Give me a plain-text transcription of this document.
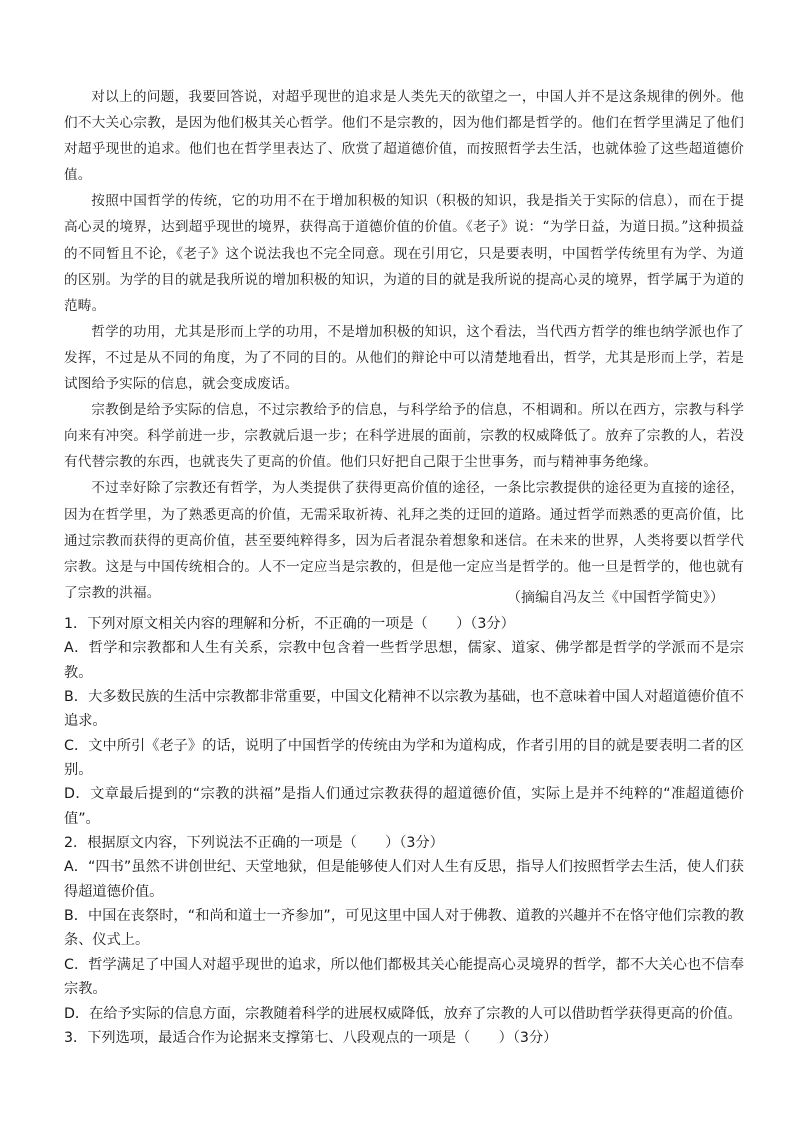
对以上的问题，我要回答说，对超乎现世的追求是人类先天的欲望之一，中国人并不是这条规律的例外。他们不大关心宗教，是因为他们极其关心哲学。他们不是宗教的，因为他们都是哲学的。他们在哲学里满足了他们对超乎现世的追求。他们也在哲学里表达了、欣赏了超道德价值，而按照哲学去生活，也就体验了这些超道德价值。

按照中国哲学的传统，它的功用不在于增加积极的知识（积极的知识，我是指关于实际的信息），而在于提高心灵的境界，达到超乎现世的境界，获得高于道德价值的价值。《老子》说：“为学日益，为道日损。”这种损益的不同暂且不论，《老子》这个说法我也不完全同意。现在引用它，只是要表明，中国哲学传统里有为学、为道的区别。为学的目的就是我所说的增加积极的知识，为道的目的就是我所说的提高心灵的境界，哲学属于为道的范畴。

哲学的功用，尤其是形而上学的功用，不是增加积极的知识，这个看法，当代西方哲学的维也纳学派也作了发挥，不过是从不同的角度，为了不同的目的。从他们的辩论中可以清楚地看出，哲学，尤其是形而上学，若是试图给予实际的信息，就会变成废话。

宗教倒是给予实际的信息，不过宗教给予的信息，与科学给予的信息，不相调和。所以在西方，宗教与科学向来有冲突。科学前进一步，宗教就后退一步；在科学进展的面前，宗教的权威降低了。放弃了宗教的人，若没有代替宗教的东西，也就丧失了更高的价值。他们只好把自己限于尘世事务，而与精神事务绝缘。

不过幸好除了宗教还有哲学，为人类提供了获得更高价值的途径，一条比宗教提供的途径更为直接的途径，因为在哲学里，为了熟悉更高的价值，无需采取祈祷、礼拜之类的迂回的道路。通过哲学而熟悉的更高价值，比通过宗教而获得的更高价值，甚至要纯粹得多，因为后者混杂着想象和迷信。在未来的世界，人类将要以哲学代宗教。这是与中国传统相合的。人不一定应当是宗教的，但是他一定应当是哲学的。他一旦是哲学的，他也就有了宗教的洪福。	（摘编自冯友兰《中国哲学简史》）

1．下列对原文相关内容的理解和分析，不正确的一项是（　　）（3分）

A．哲学和宗教都和人生有关系，宗教中包含着一些哲学思想，儒家、道家、佛学都是哲学的学派而不是宗教。

B．大多数民族的生活中宗教都非常重要，中国文化精神不以宗教为基础，也不意味着中国人对超道德价值不追求。

C．文中所引《老子》的话，说明了中国哲学的传统由为学和为道构成，作者引用的目的就是要表明二者的区别。

D．文章最后提到的“宗教的洪福”是指人们通过宗教获得的超道德价值，实际上是并不纯粹的“准超道德价值”。

2．根据原文内容，下列说法不正确的一项是（　　）（3分）

A．“四书”虽然不讲创世纪、天堂地狱，但是能够使人们对人生有反思，指导人们按照哲学去生活，使人们获得超道德价值。

B．中国在丧祭时，“和尚和道士一齐参加”，可见这里中国人对于佛教、道教的兴趣并不在恪守他们宗教的教条、仪式上。

C．哲学满足了中国人对超乎现世的追求，所以他们都极其关心能提高心灵境界的哲学，都不大关心也不信奉宗教。

D．在给予实际的信息方面，宗教随着科学的进展权威降低，放弃了宗教的人可以借助哲学获得更高的价值。

3．下列选项，最适合作为论据来支撑第七、八段观点的一项是（　　）（3分）
